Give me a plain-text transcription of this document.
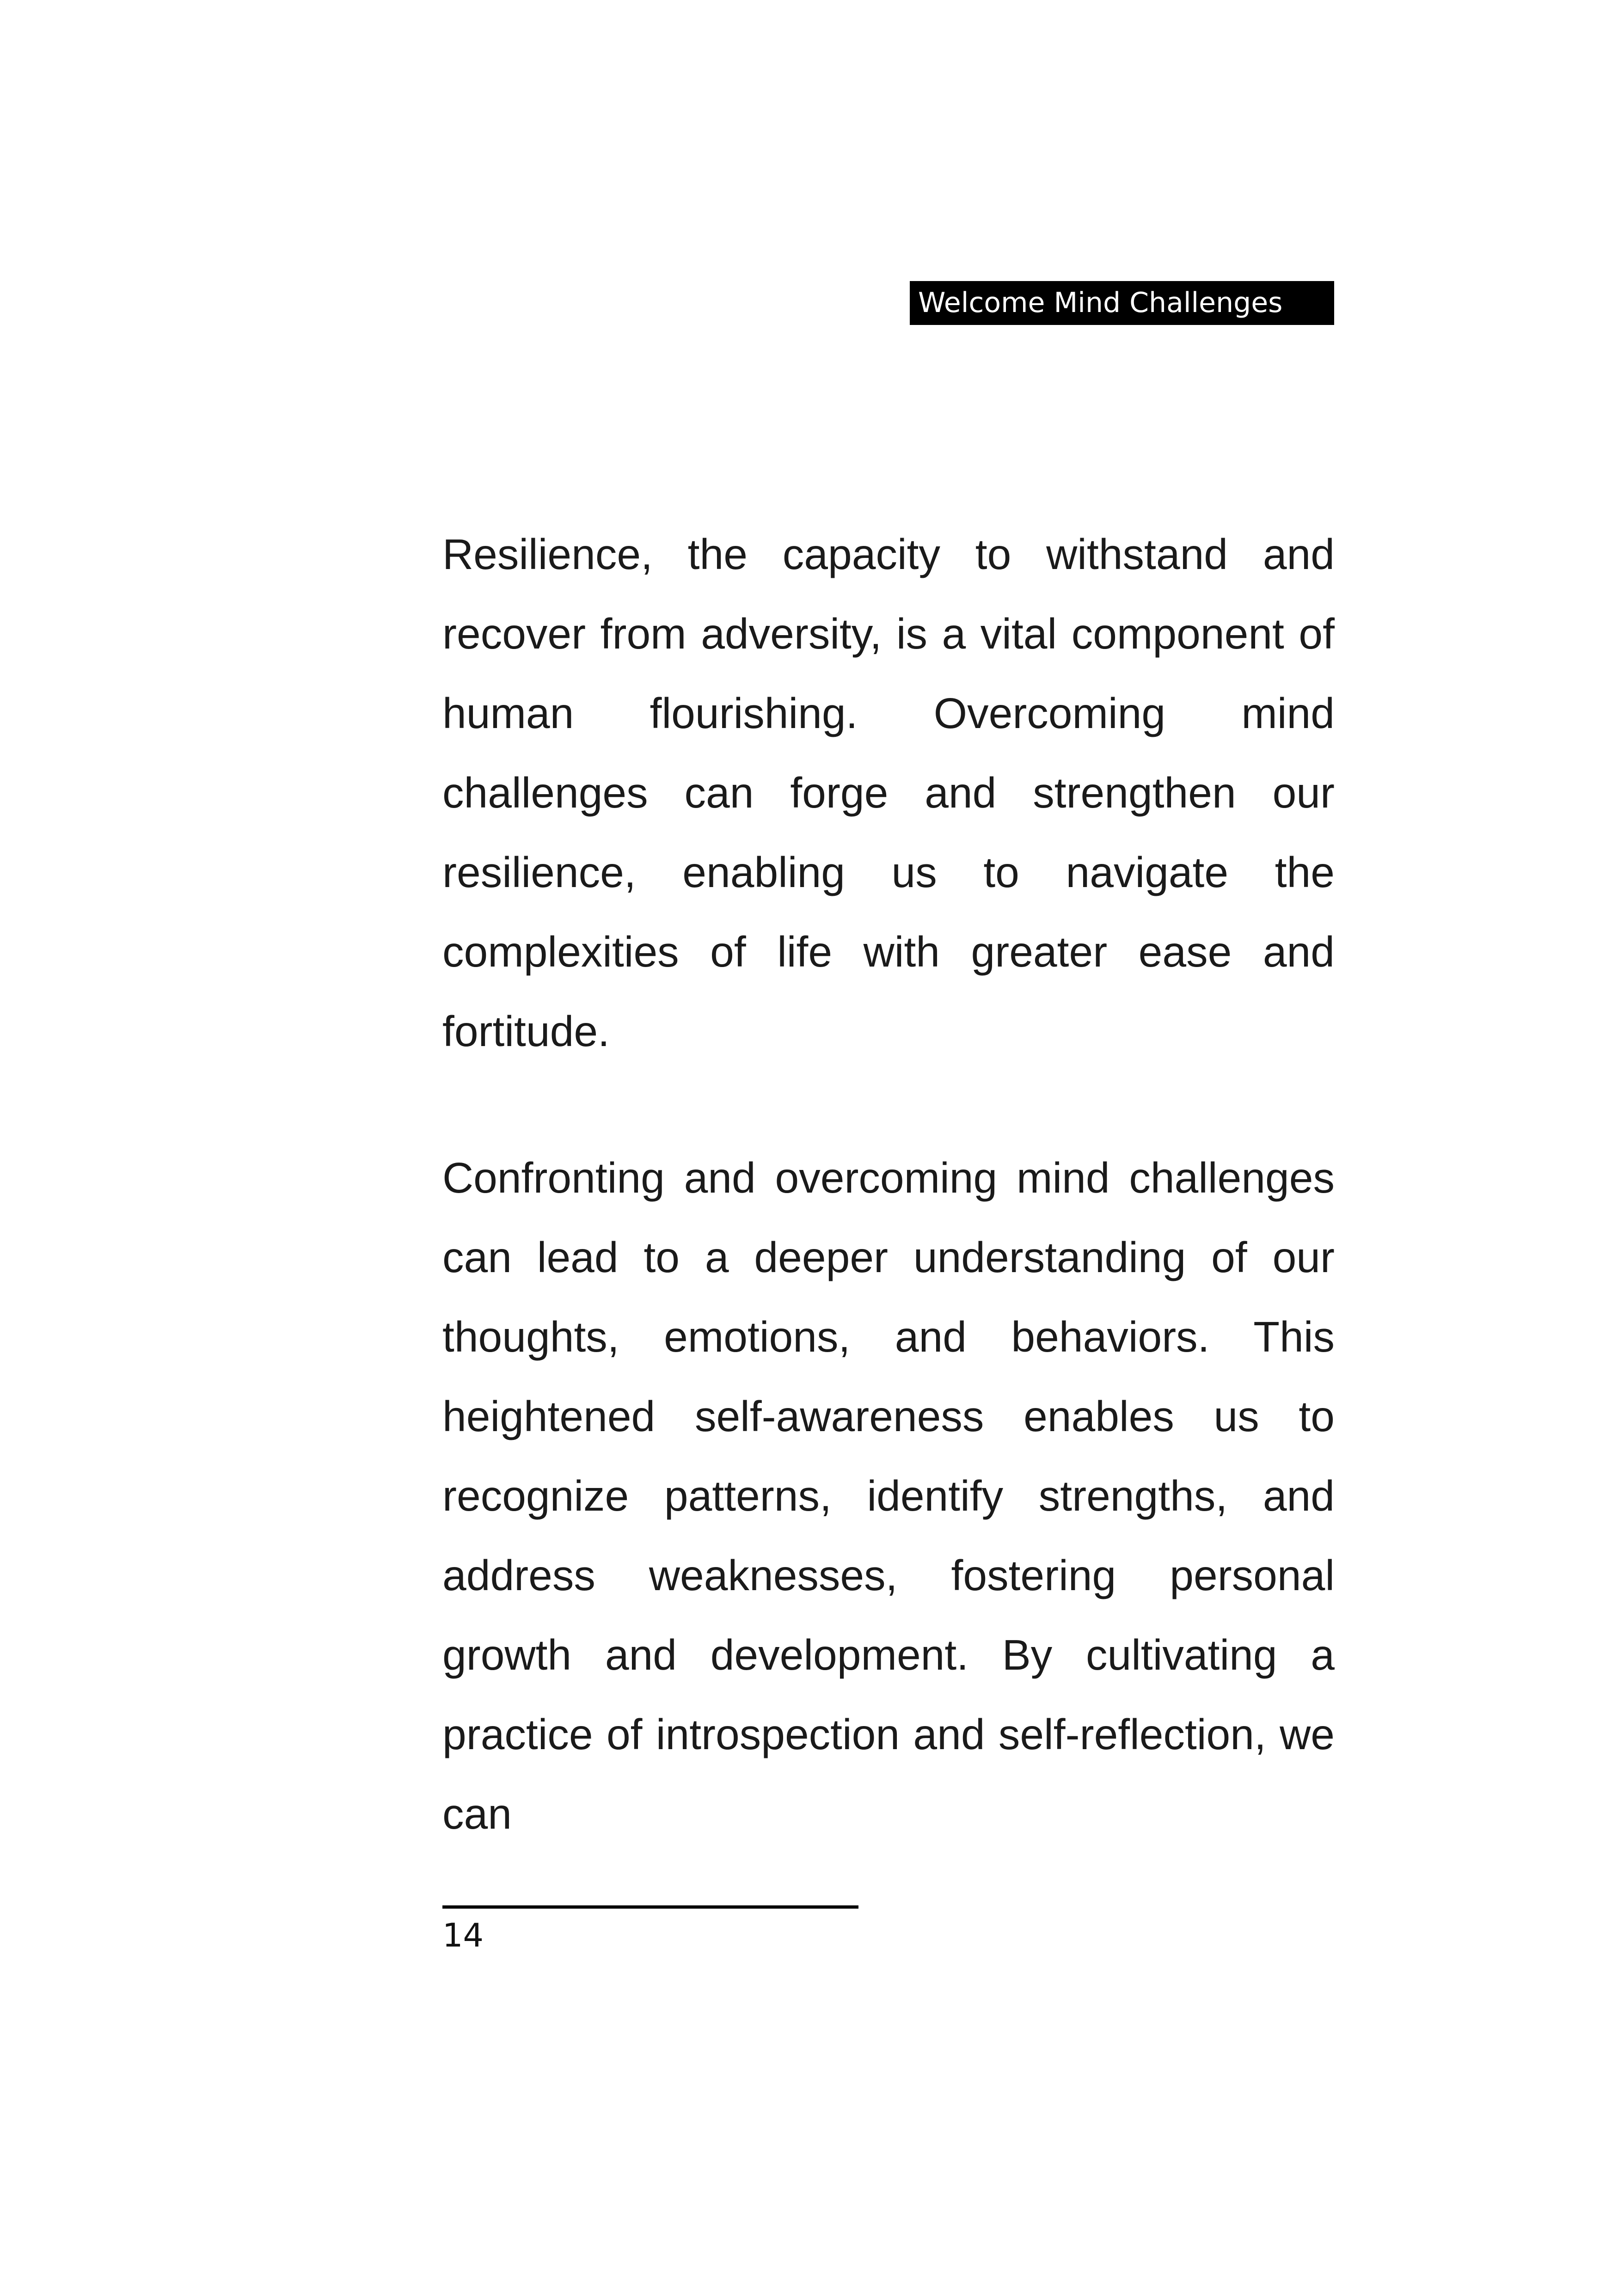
Welcome Mind Challenges

Resilience, the capacity to withstand and recover from adversity, is a vital component of human flourishing. Overcoming mind challenges can forge and strengthen our resilience, enabling us to navigate the complexities of life with greater ease and fortitude.

Confronting and overcoming mind challenges can lead to a deeper understanding of our thoughts, emotions, and behaviors. This heightened self-awareness enables us to recognize patterns, identify strengths, and address weaknesses, fostering personal growth and development. By cultivating a practice of introspection and self-reflection, we can

14
